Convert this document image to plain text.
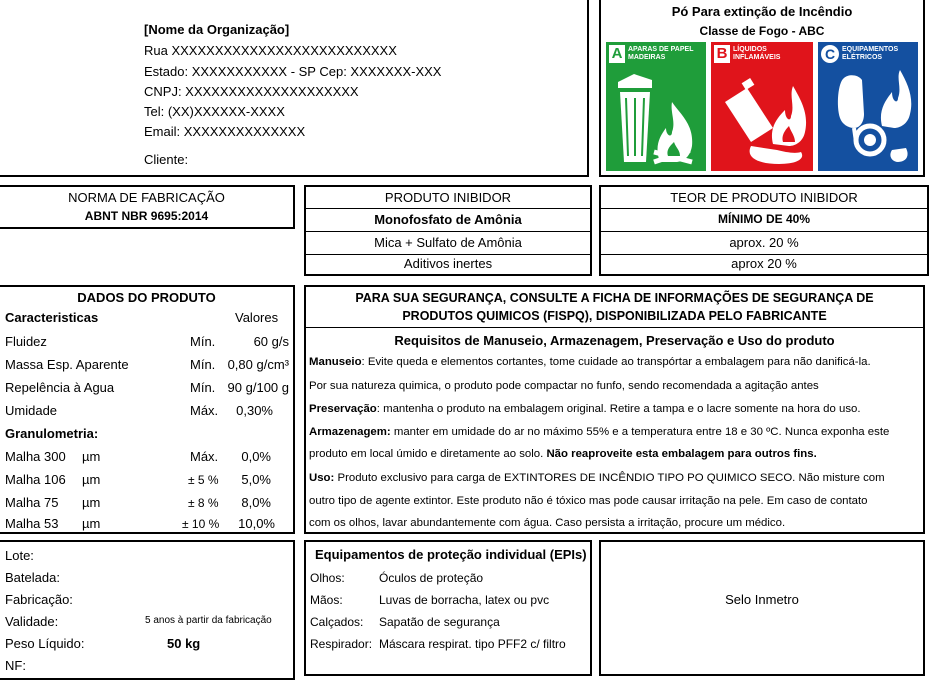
[Nome da Organização]
Rua XXXXXXXXXXXXXXXXXXXXXXXXXX
Estado: XXXXXXXXXXX - SP Cep: XXXXXXX-XXX
CNPJ: XXXXXXXXXXXXXXXXXXXX
Tel: (XX)XXXXXX-XXXX
Email: XXXXXXXXXXXXXX
Cliente:
Pó Para extinção de Incêndio
Classe de Fogo - ABC
A APARAS DE PAPEL
MADEIRAS	B LÍQUIDOS
INFLAMÁVEIS	C EQUIPAMENTOS
ELÉTRICOS
NORMA DE FABRICAÇÃO
ABNT NBR 9695:2014
PRODUTO INIBIDOR
Monofosfato de Amônia
Mica + Sulfato de Amônia
Aditivos inertes
TEOR DE PRODUTO INIBIDOR
MÍNIMO DE 40%
aprox. 20 %
aprox 20 %
DADOS DO PRODUTO
Caracteristicas	Valores
Fluidez	Mín.	60 g/s
Massa Esp. Aparente	Mín. 0,80 g/cm³
Repelência à Agua	Mín. 90 g/100 g
Umidade	Máx. 0,30%
Granulometria:
Malha 300 µm	Máx. 0,0%
Malha 106 µm	± 5 % 5,0%
Malha 75 µm	± 8 % 8,0%
Malha 53 µm	± 10 % 10,0%
PARA SUA SEGURANÇA, CONSULTE A FICHA DE INFORMAÇÕES DE SEGURANÇA DE
PRODUTOS QUIMICOS (FISPQ), DISPONIBILIZADA PELO FABRICANTE
Requisitos de Manuseio, Armazenagem, Preservação e Uso do produto
Manuseio: Evite queda e elementos cortantes, tome cuidade ao transpórtar a embalagem para não danificá-la.
Por sua natureza quimica, o produto pode compactar no funfo, sendo recomendada a agitação antes
Preservação: mantenha o produto na embalagem original. Retire a tampa e o lacre somente na hora do uso.
Armazenagem: manter em umidade do ar no máximo 55% e a temperatura entre 18 e 30 ºC. Nunca exponha este
produto em local úmido e diretamente ao solo. Não reaproveite esta embalagem para outros fins.
Uso: Produto exclusivo para carga de EXTINTORES DE INCÊNDIO TIPO PO QUIMICO SECO. Não misture com
outro tipo de agente extintor. Este produto não é tóxico mas pode causar irritação na pele. Em caso de contato
com os olhos, lavar abundantemente com água. Caso persista a irritação, procure um médico.
Lote:
Batelada:
Fabricação:
Validade:	5 anos à partir da fabricação
Peso Líquido:	50 kg
NF:
Equipamentos de proteção individual (EPIs)
Olhos:	Óculos de proteção
Mãos:	Luvas de borracha, latex ou pvc
Calçados: Sapatão de segurança
Respirador: Máscara respirat. tipo PFF2 c/ filtro
Selo Inmetro
